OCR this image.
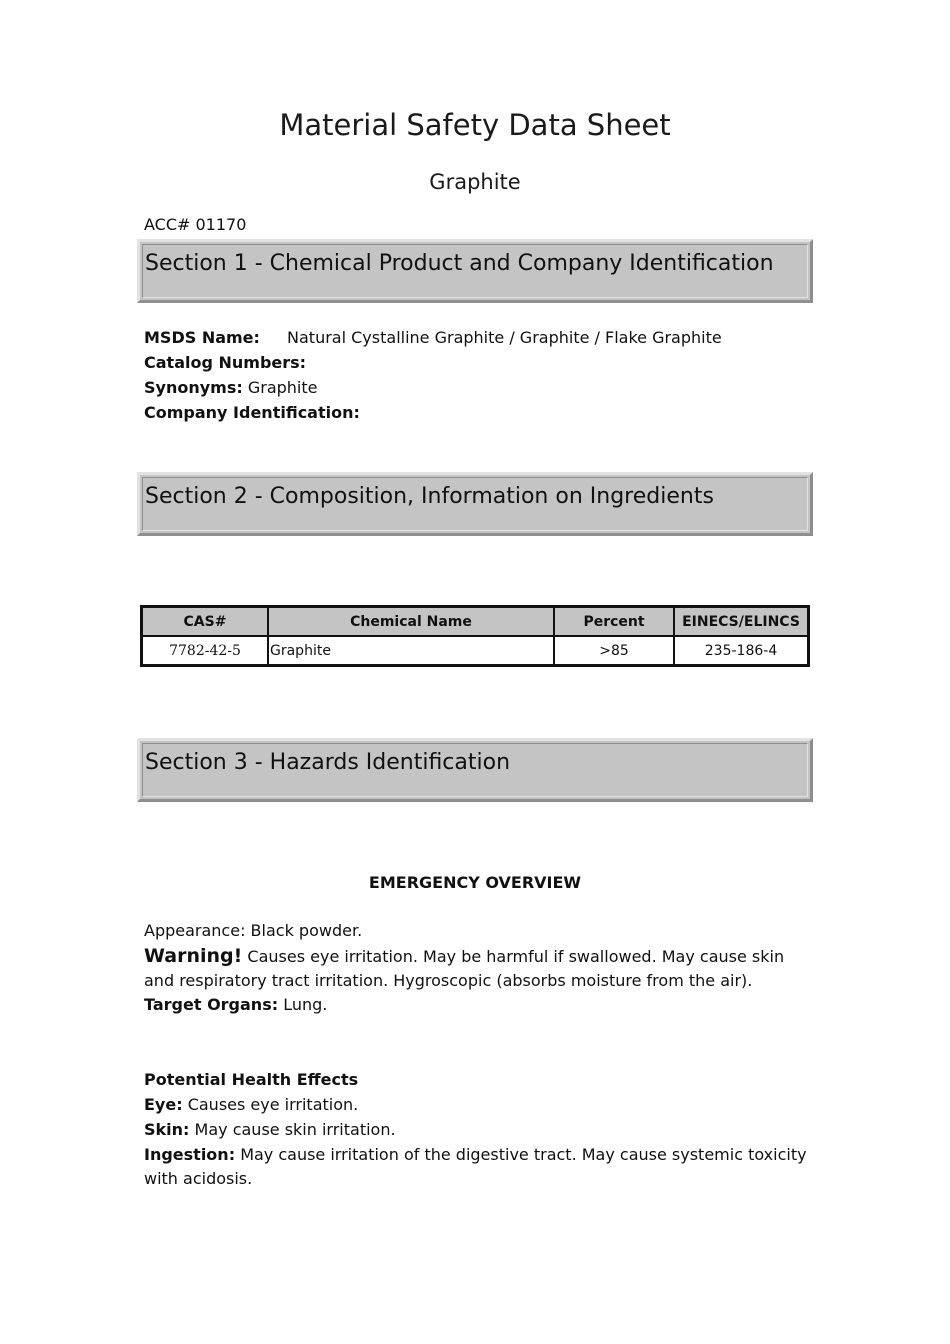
Material Safety Data Sheet
Graphite
ACC# 01170
Section 1 - Chemical Product and Company Identification
MSDS Name: Natural Cystalline Graphite / Graphite / Flake Graphite
Catalog Numbers:
Synonyms: Graphite
Company Identification:
Section 2 - Composition, Information on Ingredients
CAS#	Chemical Name	Percent	EINECS/ELINCS
7782-42-5	Graphite	>85	235-186-4
Section 3 - Hazards Identification
EMERGENCY OVERVIEW
Appearance: Black powder.
Warning! Causes eye irritation. May be harmful if swallowed. May cause skin and respiratory tract irritation. Hygroscopic (absorbs moisture from the air).
Target Organs: Lung.
Potential Health Effects
Eye: Causes eye irritation.
Skin: May cause skin irritation.
Ingestion: May cause irritation of the digestive tract. May cause systemic toxicity with acidosis.
